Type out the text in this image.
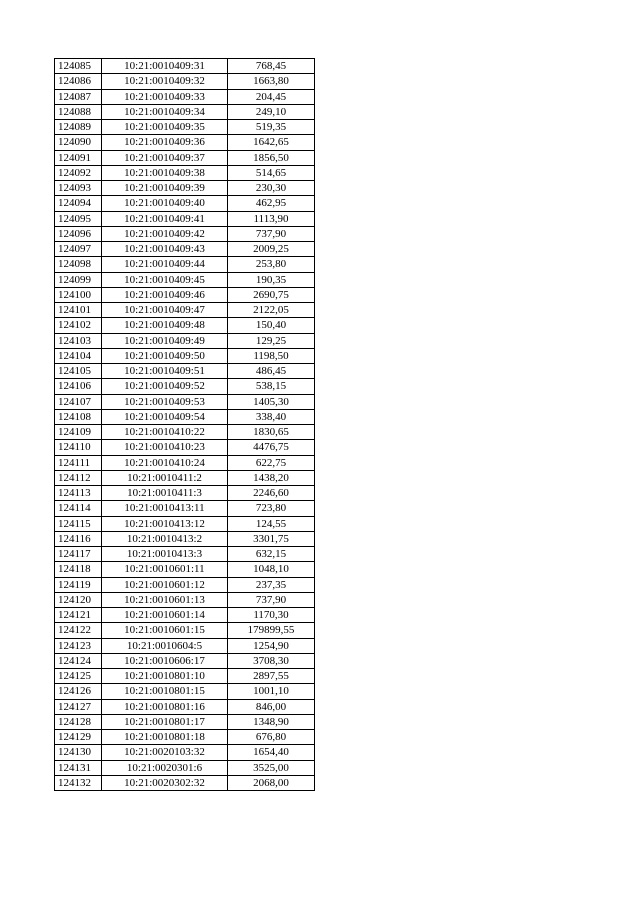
124085	10:21:0010409:31	768,45
124086	10:21:0010409:32	1663,80
124087	10:21:0010409:33	204,45
124088	10:21:0010409:34	249,10
124089	10:21:0010409:35	519,35
124090	10:21:0010409:36	1642,65
124091	10:21:0010409:37	1856,50
124092	10:21:0010409:38	514,65
124093	10:21:0010409:39	230,30
124094	10:21:0010409:40	462,95
124095	10:21:0010409:41	1113,90
124096	10:21:0010409:42	737,90
124097	10:21:0010409:43	2009,25
124098	10:21:0010409:44	253,80
124099	10:21:0010409:45	190,35
124100	10:21:0010409:46	2690,75
124101	10:21:0010409:47	2122,05
124102	10:21:0010409:48	150,40
124103	10:21:0010409:49	129,25
124104	10:21:0010409:50	1198,50
124105	10:21:0010409:51	486,45
124106	10:21:0010409:52	538,15
124107	10:21:0010409:53	1405,30
124108	10:21:0010409:54	338,40
124109	10:21:0010410:22	1830,65
124110	10:21:0010410:23	4476,75
124111	10:21:0010410:24	622,75
124112	10:21:0010411:2	1438,20
124113	10:21:0010411:3	2246,60
124114	10:21:0010413:11	723,80
124115	10:21:0010413:12	124,55
124116	10:21:0010413:2	3301,75
124117	10:21:0010413:3	632,15
124118	10:21:0010601:11	1048,10
124119	10:21:0010601:12	237,35
124120	10:21:0010601:13	737,90
124121	10:21:0010601:14	1170,30
124122	10:21:0010601:15	179899,55
124123	10:21:0010604:5	1254,90
124124	10:21:0010606:17	3708,30
124125	10:21:0010801:10	2897,55
124126	10:21:0010801:15	1001,10
124127	10:21:0010801:16	846,00
124128	10:21:0010801:17	1348,90
124129	10:21:0010801:18	676,80
124130	10:21:0020103:32	1654,40
124131	10:21:0020301:6	3525,00
124132	10:21:0020302:32	2068,00
